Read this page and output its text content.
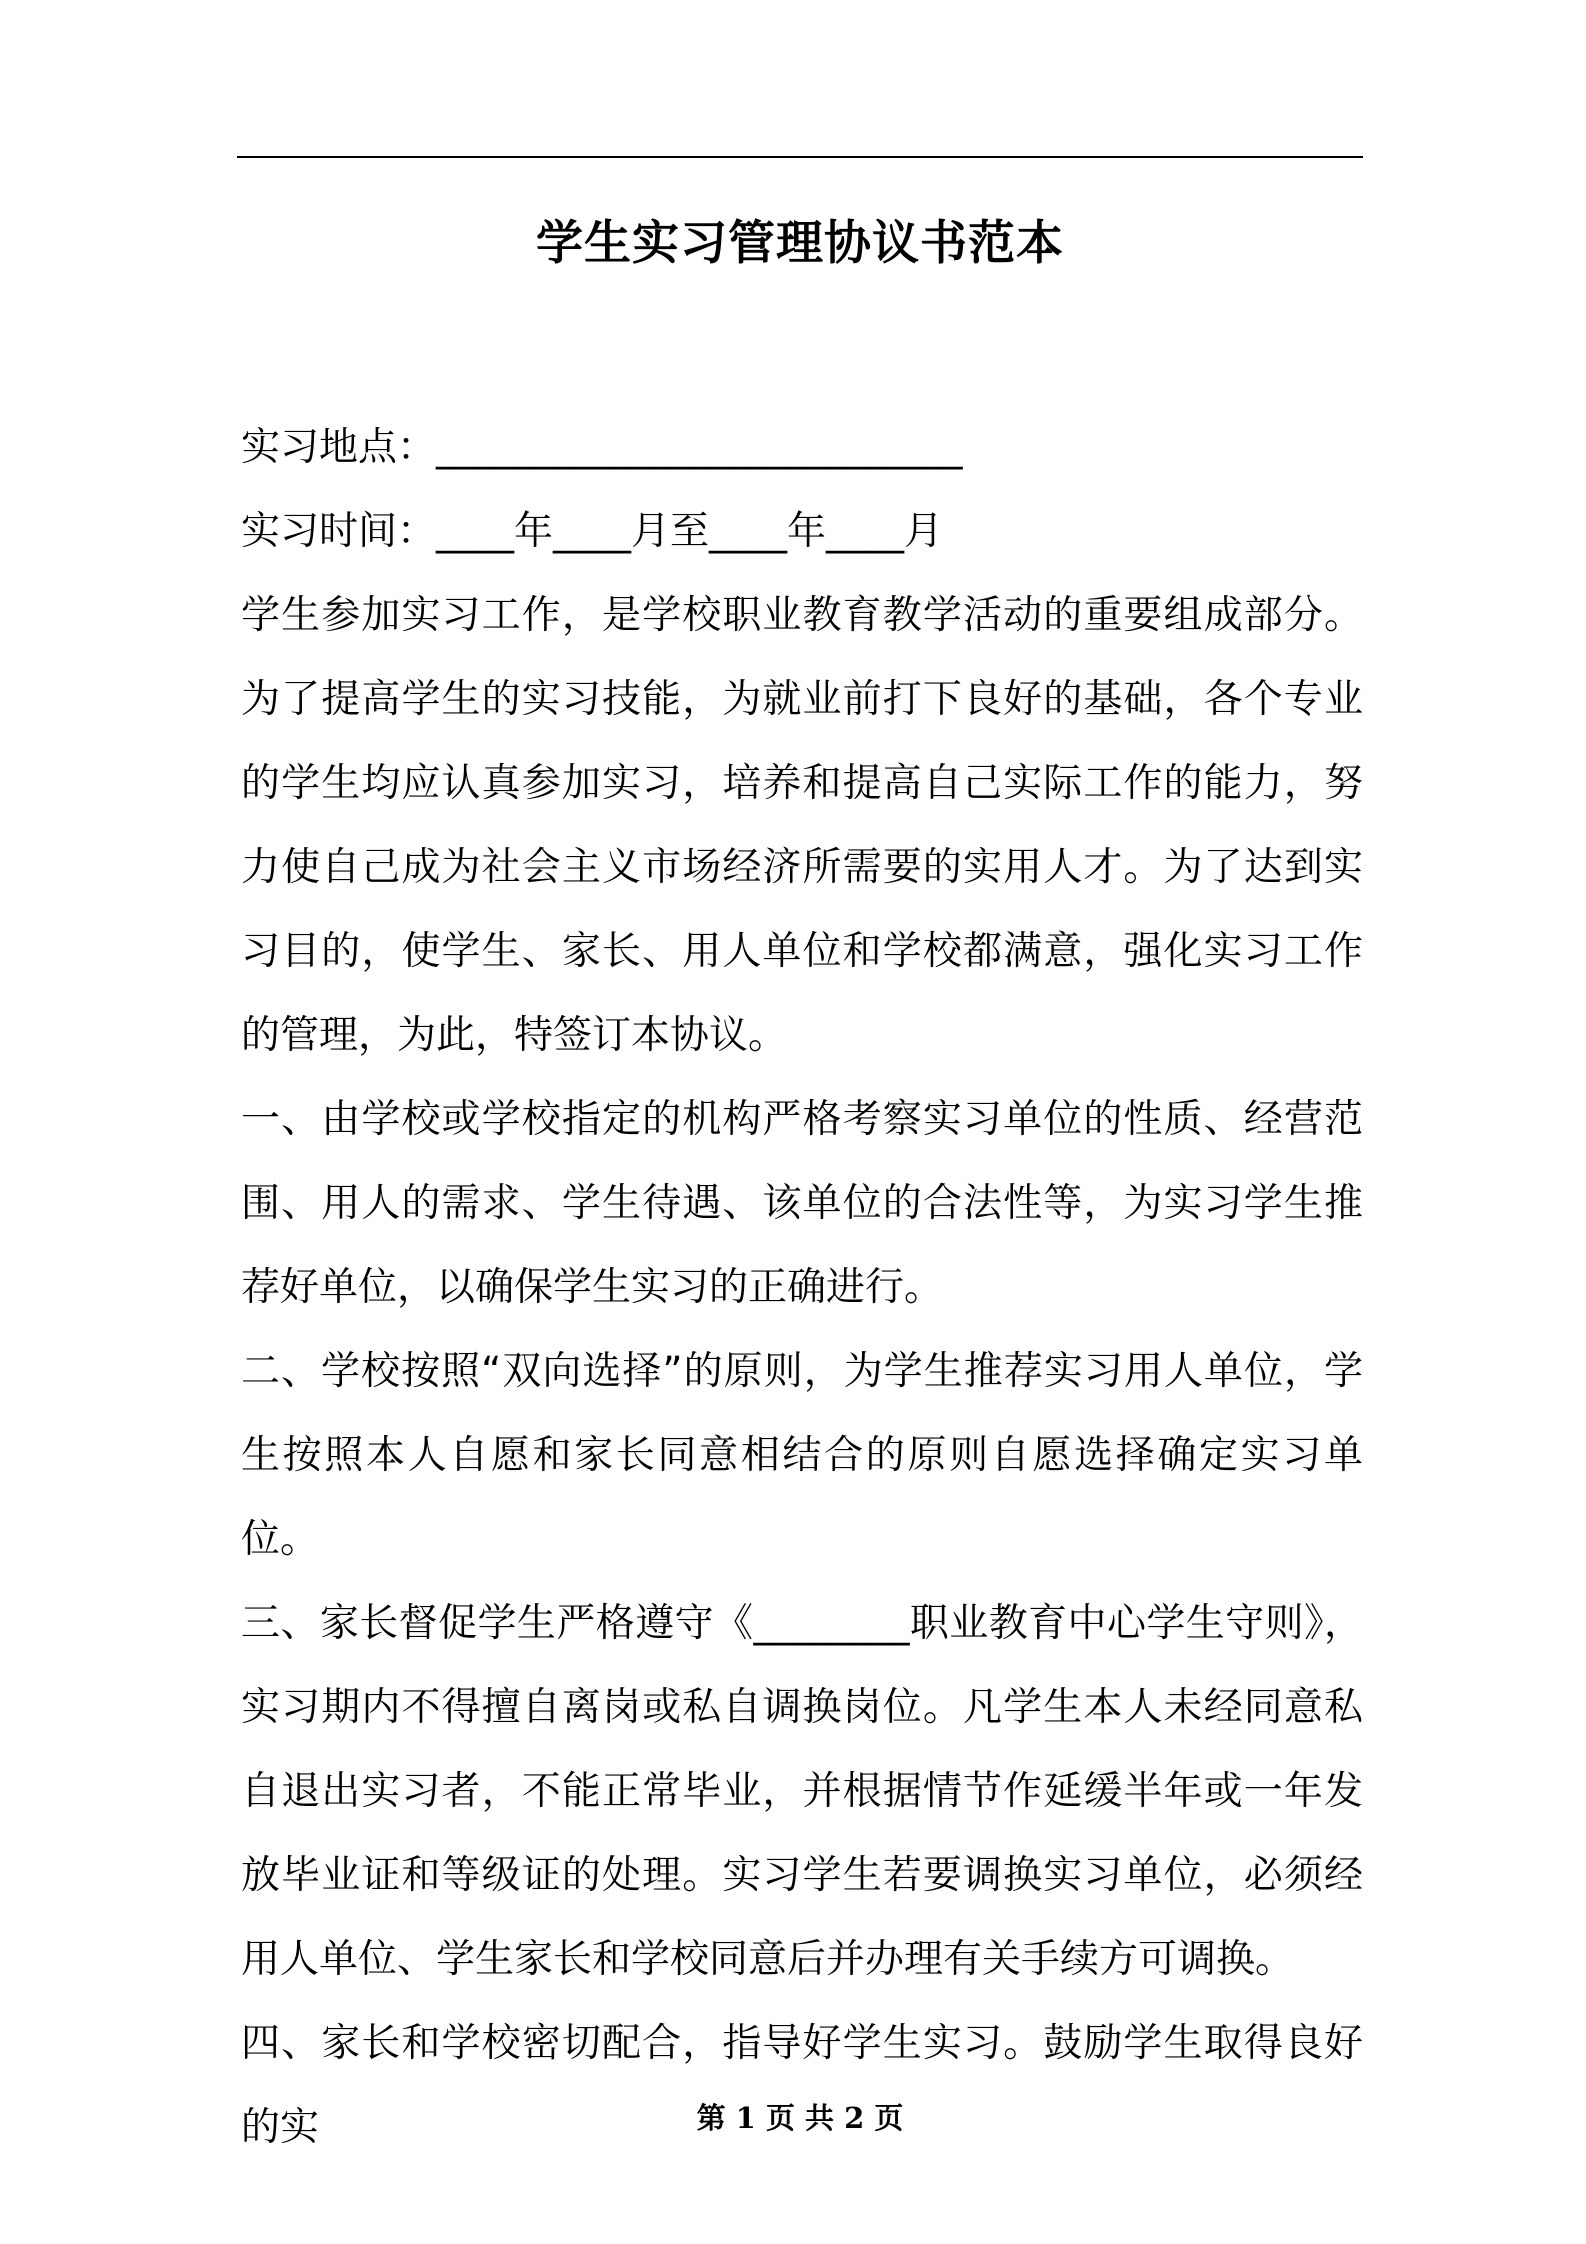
学生实习管理协议书范本

实习地点：___________________________

实习时间：____年____月至____年____月

学生参加实习工作，是学校职业教育教学活动的重要组成部分。为了提高学生的实习技能，为就业前打下良好的基础，各个专业的学生均应认真参加实习，培养和提高自己实际工作的能力，努力使自己成为社会主义市场经济所需要的实用人才。为了达到实习目的，使学生、家长、用人单位和学校都满意，强化实习工作的管理，为此，特签订本协议。

一、由学校或学校指定的机构严格考察实习单位的性质、经营范围、用人的需求、学生待遇、该单位的合法性等，为实习学生推荐好单位，以确保学生实习的正确进行。

二、学校按照“双向选择”的原则，为学生推荐实习用人单位，学生按照本人自愿和家长同意相结合的原则自愿选择确定实习单位。

三、家长督促学生严格遵守《________职业教育中心学生守则》，实习期内不得擅自离岗或私自调换岗位。凡学生本人未经同意私自退出实习者，不能正常毕业，并根据情节作延缓半年或一年发放毕业证和等级证的处理。实习学生若要调换实习单位，必须经用人单位、学生家长和学校同意后并办理有关手续方可调换。

四、家长和学校密切配合，指导好学生实习。鼓励学生取得良好的实	第 1 页 共 2 页
